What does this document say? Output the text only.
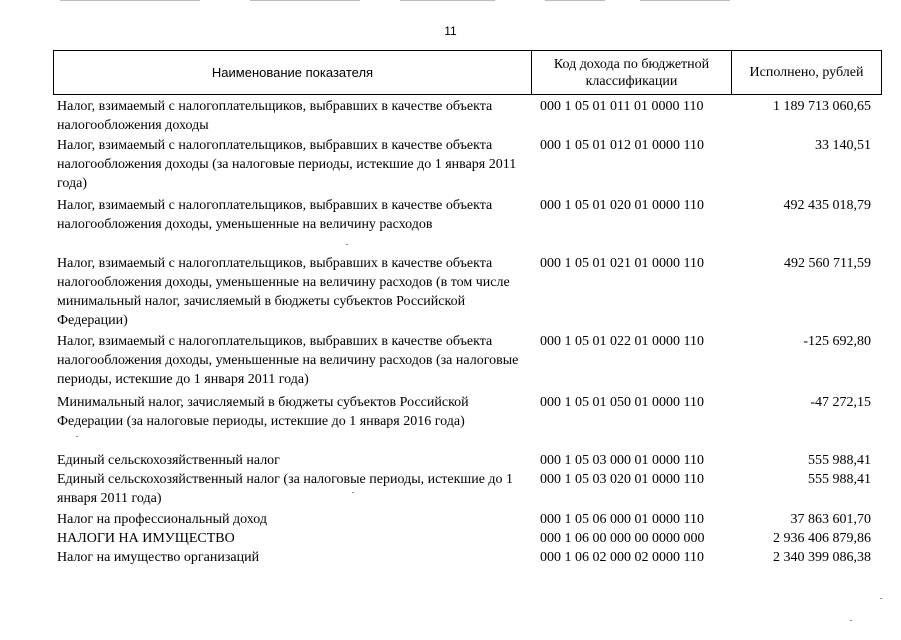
11
Наименование показателя
Код дохода по бюджетной классификации
Исполнено, рублей
Налог, взимаемый с налогоплательщиков, выбравших в качестве объекта налогообложения доходы
000 1 05 01 011 01 0000 110	1 189 713 060,65
Налог, взимаемый с налогоплательщиков, выбравших в качестве объекта налогообложения доходы (за налоговые периоды, истекшие до 1 января 2011 года)
000 1 05 01 012 01 0000 110	33 140,51
Налог, взимаемый с налогоплательщиков, выбравших в качестве объекта налогообложения доходы, уменьшенные на величину расходов
000 1 05 01 020 01 0000 110	492 435 018,79
Налог, взимаемый с налогоплательщиков, выбравших в качестве объекта налогообложения доходы, уменьшенные на величину расходов (в том числе минимальный налог, зачисляемый в бюджеты субъектов Российской Федерации)
000 1 05 01 021 01 0000 110	492 560 711,59
Налог, взимаемый с налогоплательщиков, выбравших в качестве объекта налогообложения доходы, уменьшенные на величину расходов (за налоговые периоды, истекшие до 1 января 2011 года)
000 1 05 01 022 01 0000 110	-125 692,80
Минимальный налог, зачисляемый в бюджеты субъектов Российской Федерации (за налоговые периоды, истекшие до 1 января 2016 года)
000 1 05 01 050 01 0000 110	-47 272,15
Единый сельскохозяйственный налог	000 1 05 03 000 01 0000 110	555 988,41
Единый сельскохозяйственный налог (за налоговые периоды, истекшие до 1 января 2011 года)
000 1 05 03 020 01 0000 110	555 988,41
Налог на профессиональный доход	000 1 05 06 000 01 0000 110	37 863 601,70
НАЛОГИ НА ИМУЩЕСТВО	000 1 06 00 000 00 0000 000	2 936 406 879,86
Налог на имущество организаций	000 1 06 02 000 02 0000 110	2 340 399 086,38
